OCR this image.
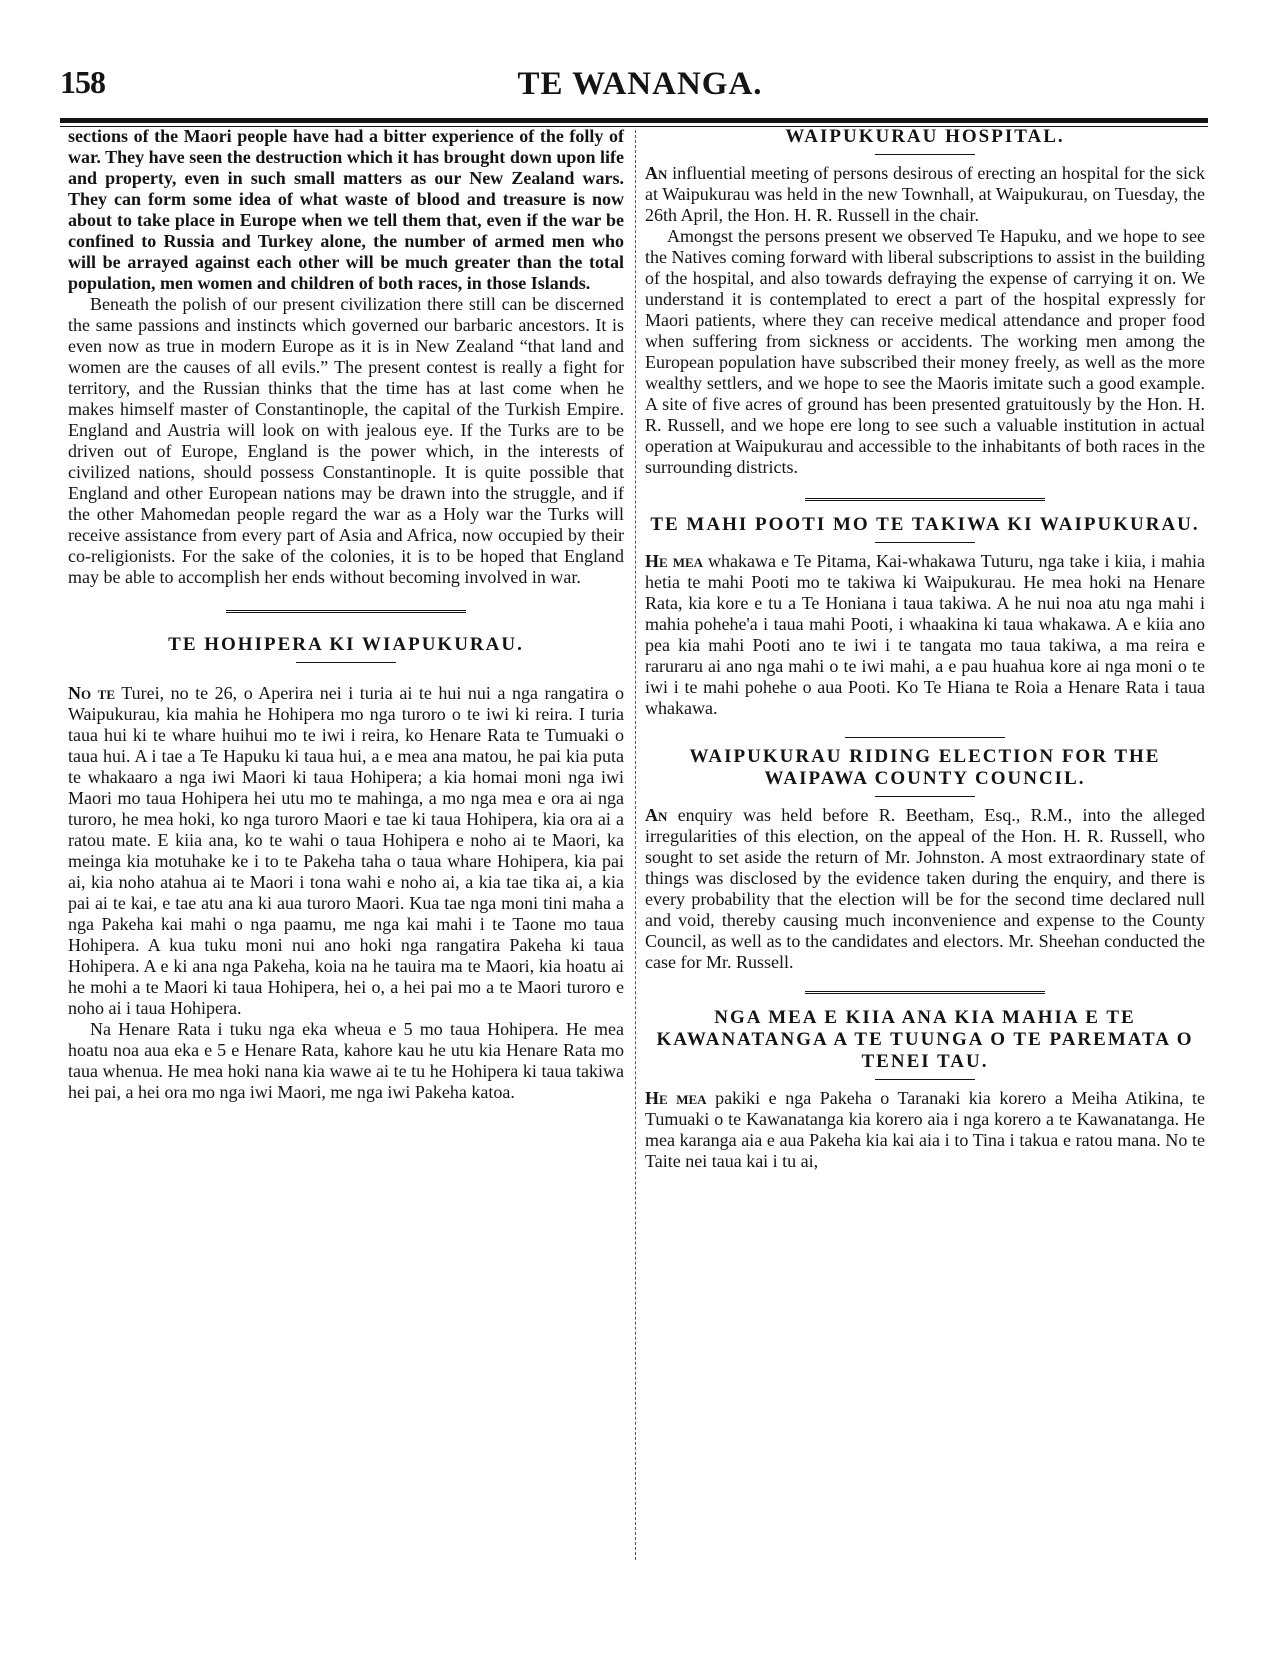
158	TE WANANGA.

sections of the Maori people have had a bitter experience of the folly of war. They have seen the destruction which it has brought down upon life and property, even in such small matters as our New Zealand wars. They can form some idea of what waste of blood and treasure is now about to take place in Europe when we tell them that, even if the war be confined to Russia and Turkey alone, the number of armed men who will be arrayed against each other will be much greater than the total population, men women and children of both races, in those Islands.

Beneath the polish of our present civilization there still can be discerned the same passions and instincts which governed our barbaric ancestors. It is even now as true in modern Europe as it is in New Zealand “that land and women are the causes of all evils.” The present contest is really a fight for territory, and the Russian thinks that the time has at last come when he makes himself master of Constantinople, the capital of the Turkish Empire. England and Austria will look on with jealous eye. If the Turks are to be driven out of Europe, England is the power which, in the interests of civilized nations, should possess Constantinople. It is quite possible that England and other European nations may be drawn into the struggle, and if the other Mahomedan people regard the war as a Holy war the Turks will receive assistance from every part of Asia and Africa, now occupied by their co-religionists. For the sake of the colonies, it is to be hoped that England may be able to accomplish her ends without becoming involved in war.

TE HOHIPERA KI WIAPUKURAU.

No te Turei, no te 26, o Aperira nei i turia ai te hui nui a nga rangatira o Waipukurau, kia mahia he Hohipera mo nga turoro o te iwi ki reira. I turia taua hui ki te whare huihui mo te iwi i reira, ko Henare Rata te Tumuaki o taua hui. A i tae a Te Hapuku ki taua hui, a e mea ana matou, he pai kia puta te whakaaro a nga iwi Maori ki taua Hohipera; a kia homai moni nga iwi Maori mo taua Hohipera hei utu mo te mahinga, a mo nga mea e ora ai nga turoro, he mea hoki, ko nga turoro Maori e tae ki taua Hohipera, kia ora ai a ratou mate. E kiia ana, ko te wahi o taua Hohipera e noho ai te Maori, ka meinga kia motuhake ke i to te Pakeha taha o taua whare Hohipera, kia pai ai, kia noho atahua ai te Maori i tona wahi e noho ai, a kia tae tika ai, a kia pai ai te kai, e tae atu ana ki aua turoro Maori. Kua tae nga moni tini maha a nga Pakeha kai mahi o nga paamu, me nga kai mahi i te Taone mo taua Hohipera. A kua tuku moni nui ano hoki nga rangatira Pakeha ki taua Hohipera. A e ki ana nga Pakeha, koia na he tauira ma te Maori, kia hoatu ai he mohi a te Maori ki taua Hohipera, hei o, a hei pai mo a te Maori turoro e noho ai i taua Hohipera.

Na Henare Rata i tuku nga eka wheua e 5 mo taua Hohipera. He mea hoatu noa aua eka e 5 e Henare Rata, kahore kau he utu kia Henare Rata mo taua whenua. He mea hoki nana kia wawe ai te tu he Hohipera ki taua takiwa hei pai, a hei ora mo nga iwi Maori, me nga iwi Pakeha katoa.

WAIPUKURAU HOSPITAL.

An influential meeting of persons desirous of erecting an hospital for the sick at Waipukurau was held in the new Townhall, at Waipukurau, on Tuesday, the 26th April, the Hon. H. R. Russell in the chair.

Amongst the persons present we observed Te Hapuku, and we hope to see the Natives coming forward with liberal subscriptions to assist in the building of the hospital, and also towards defraying the expense of carrying it on. We understand it is contemplated to erect a part of the hospital expressly for Maori patients, where they can receive medical attendance and proper food when suffering from sickness or accidents. The working men among the European population have subscribed their money freely, as well as the more wealthy settlers, and we hope to see the Maoris imitate such a good example. A site of five acres of ground has been presented gratuitously by the Hon. H. R. Russell, and we hope ere long to see such a valuable institution in actual operation at Waipukurau and accessible to the inhabitants of both races in the surrounding districts.

TE MAHI POOTI MO TE TAKIWA KI WAIPUKURAU.

He mea whakawa e Te Pitama, Kai-whakawa Tuturu, nga take i kiia, i mahia hetia te mahi Pooti mo te takiwa ki Waipukurau. He mea hoki na Henare Rata, kia kore e tu a Te Honiana i taua takiwa. A he nui noa atu nga mahi i mahia pohehe'a i taua mahi Pooti, i whaakina ki taua whakawa. A e kiia ano pea kia mahi Pooti ano te iwi i te tangata mo taua takiwa, a ma reira e raruraru ai ano nga mahi o te iwi mahi, a e pau huahua kore ai nga moni o te iwi i te mahi pohehe o aua Pooti. Ko Te Hiana te Roia a Henare Rata i taua whakawa.

WAIPUKURAU RIDING ELECTION FOR THE WAIPAWA COUNTY COUNCIL.

An enquiry was held before R. Beetham, Esq., R.M., into the alleged irregularities of this election, on the appeal of the Hon. H. R. Russell, who sought to set aside the return of Mr. Johnston. A most extraordinary state of things was disclosed by the evidence taken during the enquiry, and there is every probability that the election will be for the second time declared null and void, thereby causing much inconvenience and expense to the County Council, as well as to the candidates and electors. Mr. Sheehan conducted the case for Mr. Russell.

NGA MEA E KIIA ANA KIA MAHIA E TE KAWANATANGA A TE TUUNGA O TE PAREMATA O TENEI TAU.

He mea pakiki e nga Pakeha o Taranaki kia korero a Meiha Atikina, te Tumuaki o te Kawanatanga kia korero aia i nga korero a te Kawanatanga. He mea karanga aia e aua Pakeha kia kai aia i to Tina i takua e ratou mana. No te Taite nei taua kai i tu ai,
